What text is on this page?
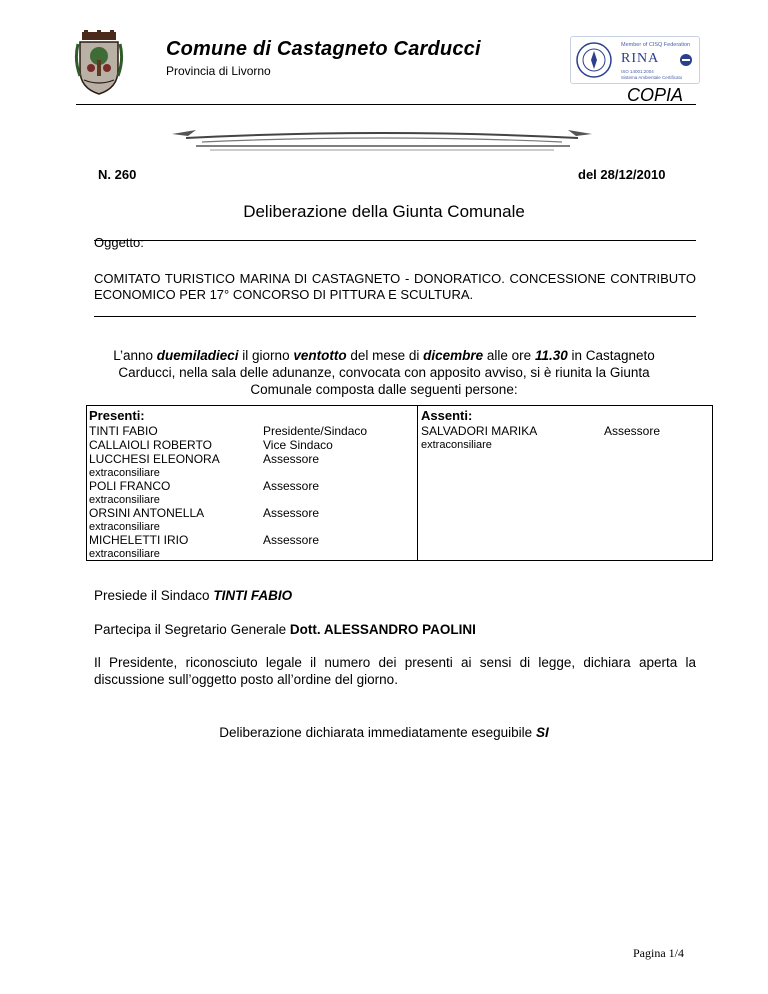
Comune di Castagneto Carducci
Provincia di Livorno
Member of CISQ Federation
RINA
ISO 14001:2004
Sistema Ambientale Certificato
COPIA
N. 260	del 28/12/2010
Deliberazione della Giunta Comunale
Oggetto:
COMITATO TURISTICO MARINA DI CASTAGNETO - DONORATICO. CONCESSIONE CONTRIBUTO ECONOMICO PER 17° CONCORSO DI PITTURA E SCULTURA.
L’anno duemiladieci il giorno ventotto del mese di dicembre alle ore 11.30 in Castagneto Carducci, nella sala delle adunanze, convocata con apposito avviso, si è riunita la Giunta Comunale composta dalle seguenti persone:
Presenti:
TINTI FABIO	Presidente/Sindaco
CALLAIOLI ROBERTO	Vice Sindaco
LUCCHESI ELEONORA	Assessore
extraconsiliare
POLI FRANCO	Assessore
extraconsiliare
ORSINI ANTONELLA	Assessore
extraconsiliare
MICHELETTI IRIO	Assessore
extraconsiliare
Assenti:
SALVADORI MARIKA	Assessore
extraconsiliare
Presiede il Sindaco TINTI FABIO
Partecipa il Segretario Generale Dott. ALESSANDRO PAOLINI
Il Presidente, riconosciuto legale il numero dei presenti ai sensi di legge, dichiara aperta la discussione sull’oggetto posto all’ordine del giorno.
Deliberazione dichiarata immediatamente eseguibile SI
Pagina 1/4
